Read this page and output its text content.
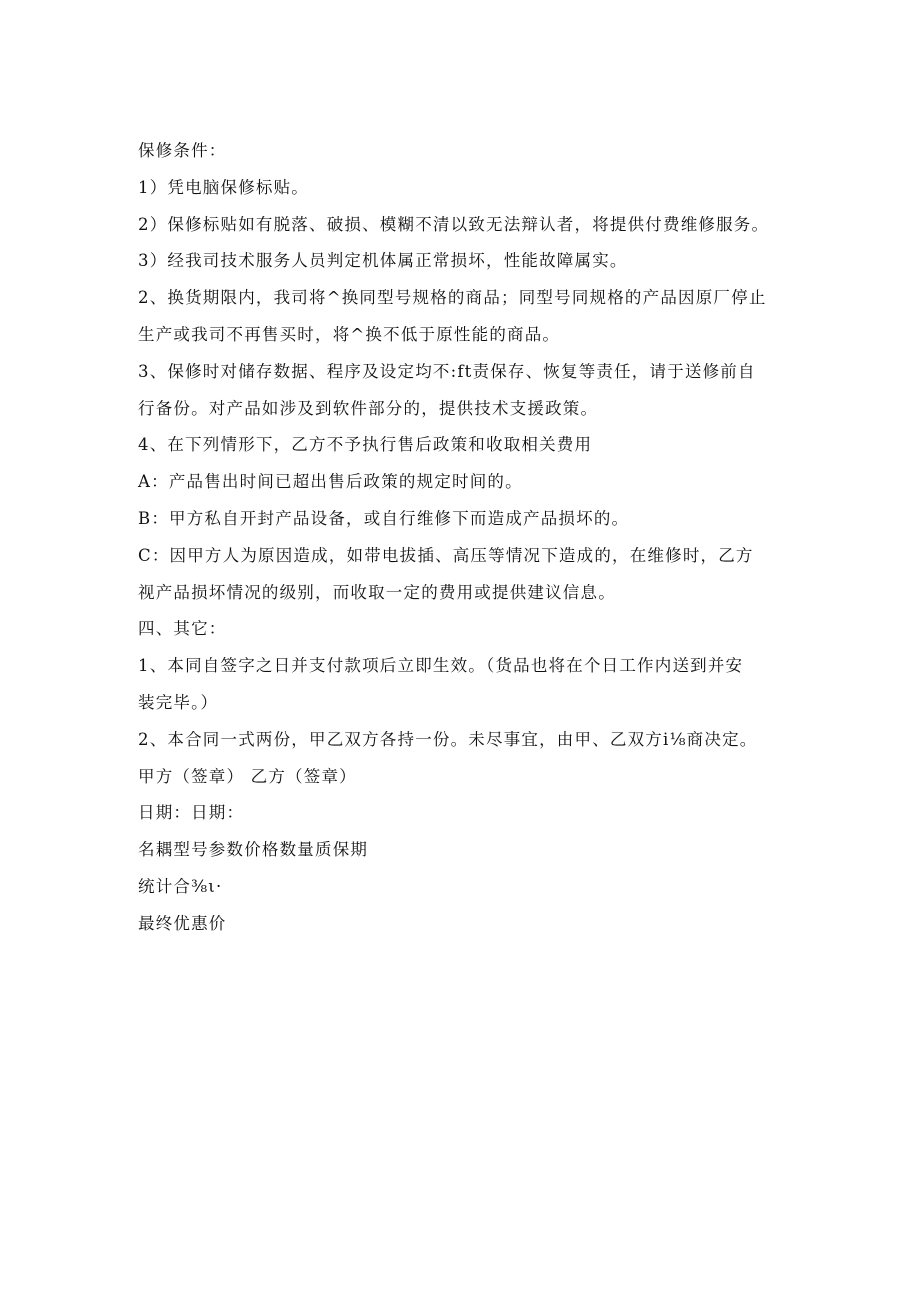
保修条件：
1）凭电脑保修标贴。
2）保修标贴如有脱落、破损、模糊不清以致无法辩认者，将提供付费维修服务。
3）经我司技术服务人员判定机体属正常损坏，性能故障属实。
2、换货期限内，我司将^换同型号规格的商品；同型号同规格的产品因原厂停止
生产或我司不再售买时，将^换不低于原性能的商品。
3、保修时对储存数据、程序及设定均不:ft责保存、恢复等责任，请于送修前自
行备份。对产品如涉及到软件部分的，提供技术支援政策。
4、在下列情形下，乙方不予执行售后政策和收取相关费用
A：产品售出时间已超出售后政策的规定时间的。
B：甲方私自开封产品设备，或自行维修下而造成产品损坏的。
C：因甲方人为原因造成，如带电拔插、高压等情况下造成的，在维修时，乙方
视产品损坏情况的级别，而收取一定的费用或提供建议信息。
四、其它：
1、本同自签字之日并支付款项后立即生效。（货品也将在个日工作内送到并安
装完毕。）
2、本合同一式两份，甲乙双方各持一份。未尽事宜，由甲、乙双方i⅛商决定。
甲方（签章） 乙方（签章）
日期：日期：
名耦型号参数价格数量质保期
统计合⅜ι·
最终优惠价
